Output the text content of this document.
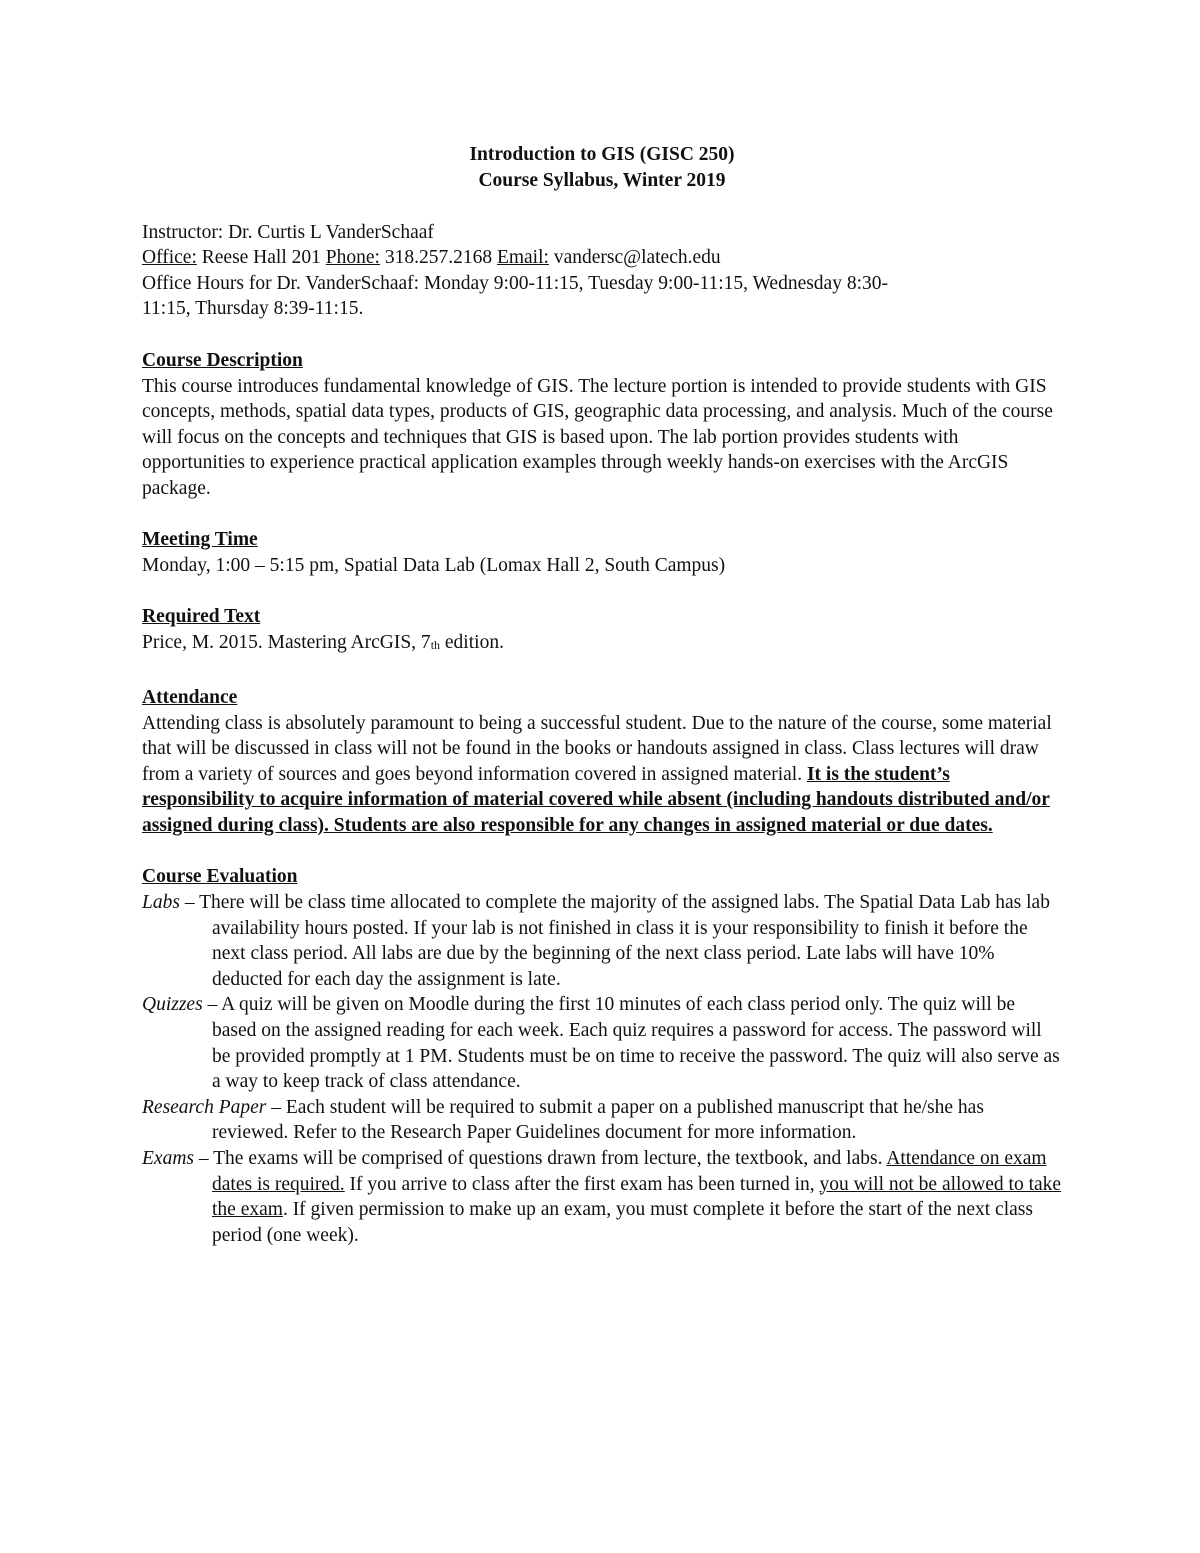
Introduction to GIS (GISC 250)
Course Syllabus, Winter 2019
Instructor: Dr. Curtis L VanderSchaaf
Office: Reese Hall 201 Phone: 318.257.2168 Email: vandersc@latech.edu
Office Hours for Dr. VanderSchaaf: Monday 9:00-11:15, Tuesday 9:00-11:15, Wednesday 8:30-
11:15, Thursday 8:39-11:15.
Course Description
This course introduces fundamental knowledge of GIS. The lecture portion is intended to provide students with GIS concepts, methods, spatial data types, products of GIS, geographic data processing, and analysis. Much of the course will focus on the concepts and techniques that GIS is based upon. The lab portion provides students with opportunities to experience practical application examples through weekly hands-on exercises with the ArcGIS package.
Meeting Time
Monday, 1:00 – 5:15 pm, Spatial Data Lab (Lomax Hall 2, South Campus)
Required Text
Price, M. 2015. Mastering ArcGIS, $7_{th}$ edition.
Attendance
Attending class is absolutely paramount to being a successful student. Due to the nature of the course, some material that will be discussed in class will not be found in the books or handouts assigned in class. Class lectures will draw from a variety of sources and goes beyond information covered in assigned material. It is the student’s responsibility to acquire information of material covered while absent (including handouts distributed and/or assigned during class). Students are also responsible for any changes in assigned material or due dates.
Course Evaluation
Labs – There will be class time allocated to complete the majority of the assigned labs. The Spatial Data Lab has lab availability hours posted. If your lab is not finished in class it is your responsibility to finish it before the next class period. All labs are due by the beginning of the next class period. Late labs will have 10% deducted for each day the assignment is late.
Quizzes – A quiz will be given on Moodle during the first 10 minutes of each class period only. The quiz will be based on the assigned reading for each week. Each quiz requires a password for access. The password will be provided promptly at 1 PM. Students must be on time to receive the password. The quiz will also serve as a way to keep track of class attendance.
Research Paper – Each student will be required to submit a paper on a published manuscript that he/she has reviewed. Refer to the Research Paper Guidelines document for more information.
Exams – The exams will be comprised of questions drawn from lecture, the textbook, and labs. Attendance on exam dates is required. If you arrive to class after the first exam has been turned in, you will not be allowed to take the exam. If given permission to make up an exam, you must complete it before the start of the next class period (one week).
